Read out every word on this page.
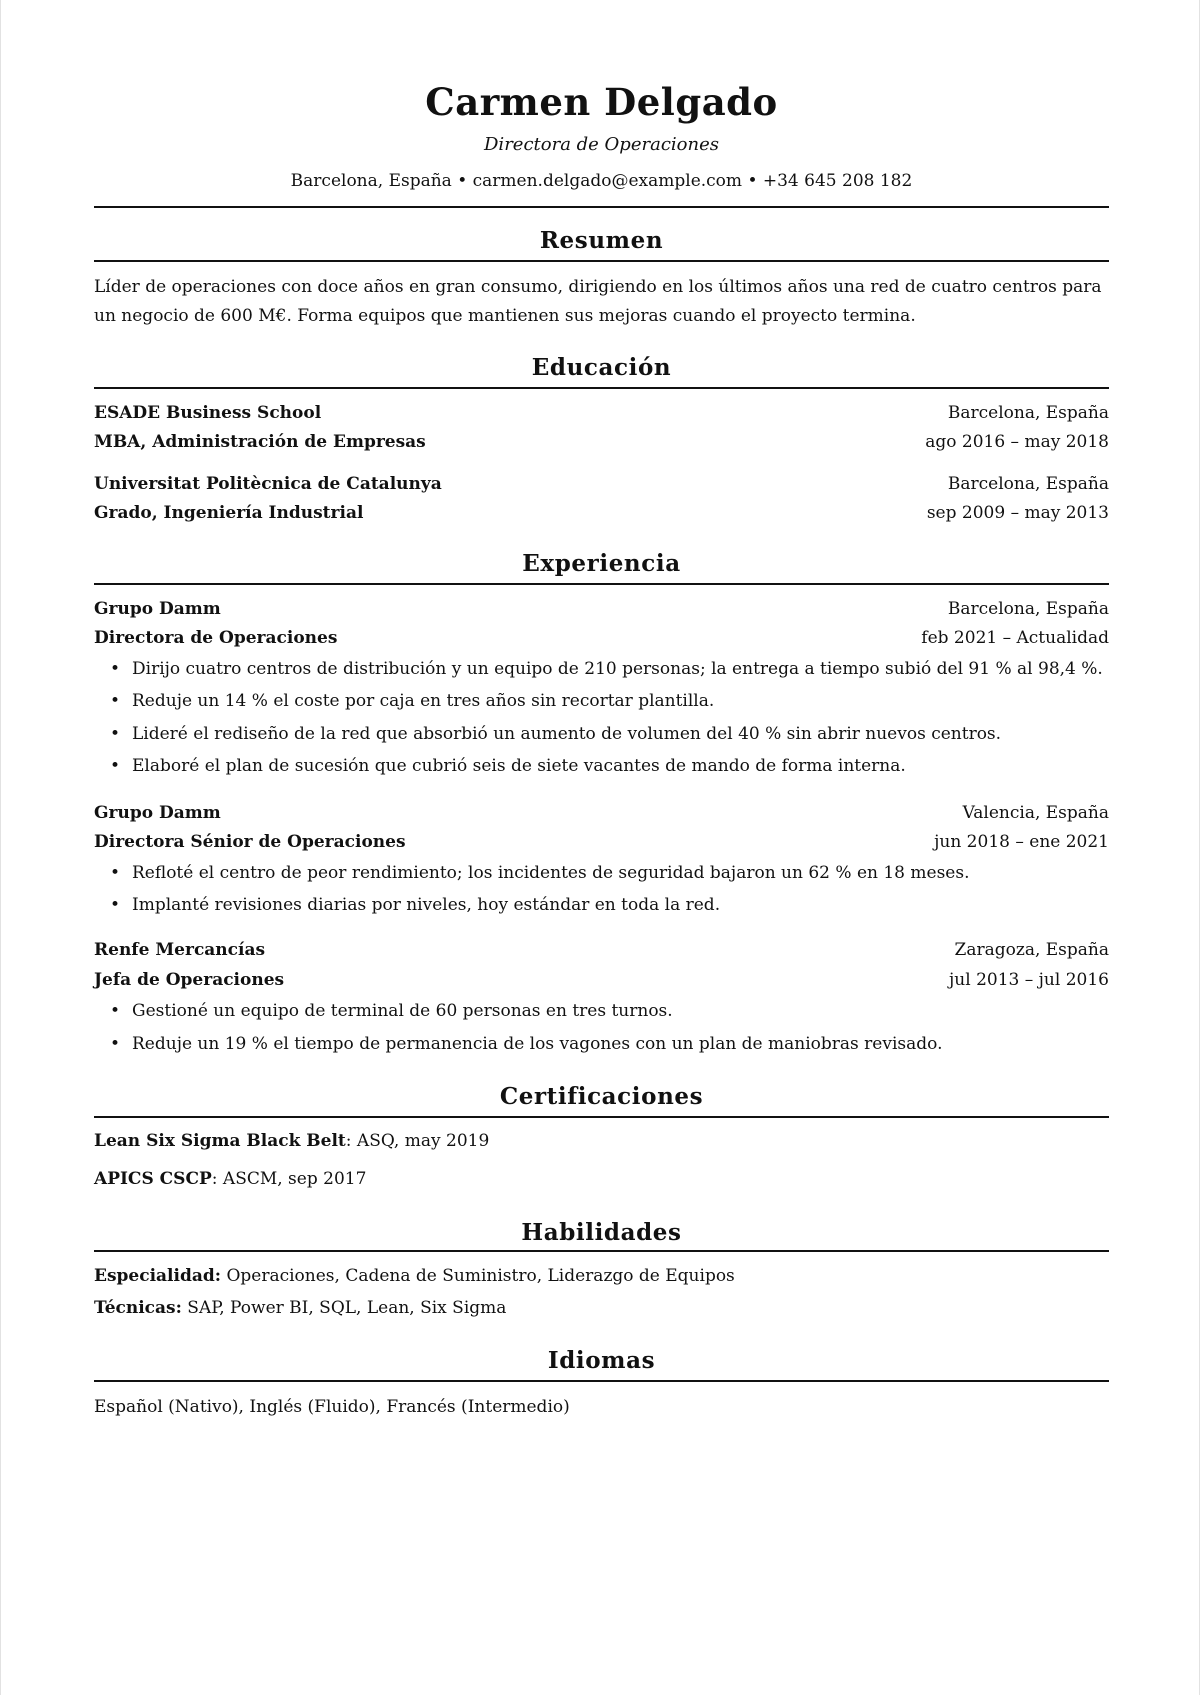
Carmen Delgado
Directora de Operaciones
Barcelona, España • carmen.delgado@example.com • +34 645 208 182
Resumen
Líder de operaciones con doce años en gran consumo, dirigiendo en los últimos años una red de cuatro centros para un negocio de 600 M€. Forma equipos que mantienen sus mejoras cuando el proyecto termina.
Educación
ESADE Business School	Barcelona, España
MBA, Administración de Empresas	ago 2016 – may 2018
Universitat Politècnica de Catalunya	Barcelona, España
Grado, Ingeniería Industrial	sep 2009 – may 2013
Experiencia
Grupo Damm	Barcelona, España
Directora de Operaciones	feb 2021 – Actualidad
• Dirijo cuatro centros de distribución y un equipo de 210 personas; la entrega a tiempo subió del 91 % al 98,4 %.
• Reduje un 14 % el coste por caja en tres años sin recortar plantilla.
• Lideré el rediseño de la red que absorbió un aumento de volumen del 40 % sin abrir nuevos centros.
• Elaboré el plan de sucesión que cubrió seis de siete vacantes de mando de forma interna.
Grupo Damm	Valencia, España
Directora Sénior de Operaciones	jun 2018 – ene 2021
• Refloté el centro de peor rendimiento; los incidentes de seguridad bajaron un 62 % en 18 meses.
• Implanté revisiones diarias por niveles, hoy estándar en toda la red.
Renfe Mercancías	Zaragoza, España
Jefa de Operaciones	jul 2013 – jul 2016
• Gestioné un equipo de terminal de 60 personas en tres turnos.
• Reduje un 19 % el tiempo de permanencia de los vagones con un plan de maniobras revisado.
Certificaciones
Lean Six Sigma Black Belt: ASQ, may 2019
APICS CSCP: ASCM, sep 2017
Habilidades
Especialidad: Operaciones, Cadena de Suministro, Liderazgo de Equipos
Técnicas: SAP, Power BI, SQL, Lean, Six Sigma
Idiomas
Español (Nativo), Inglés (Fluido), Francés (Intermedio)
